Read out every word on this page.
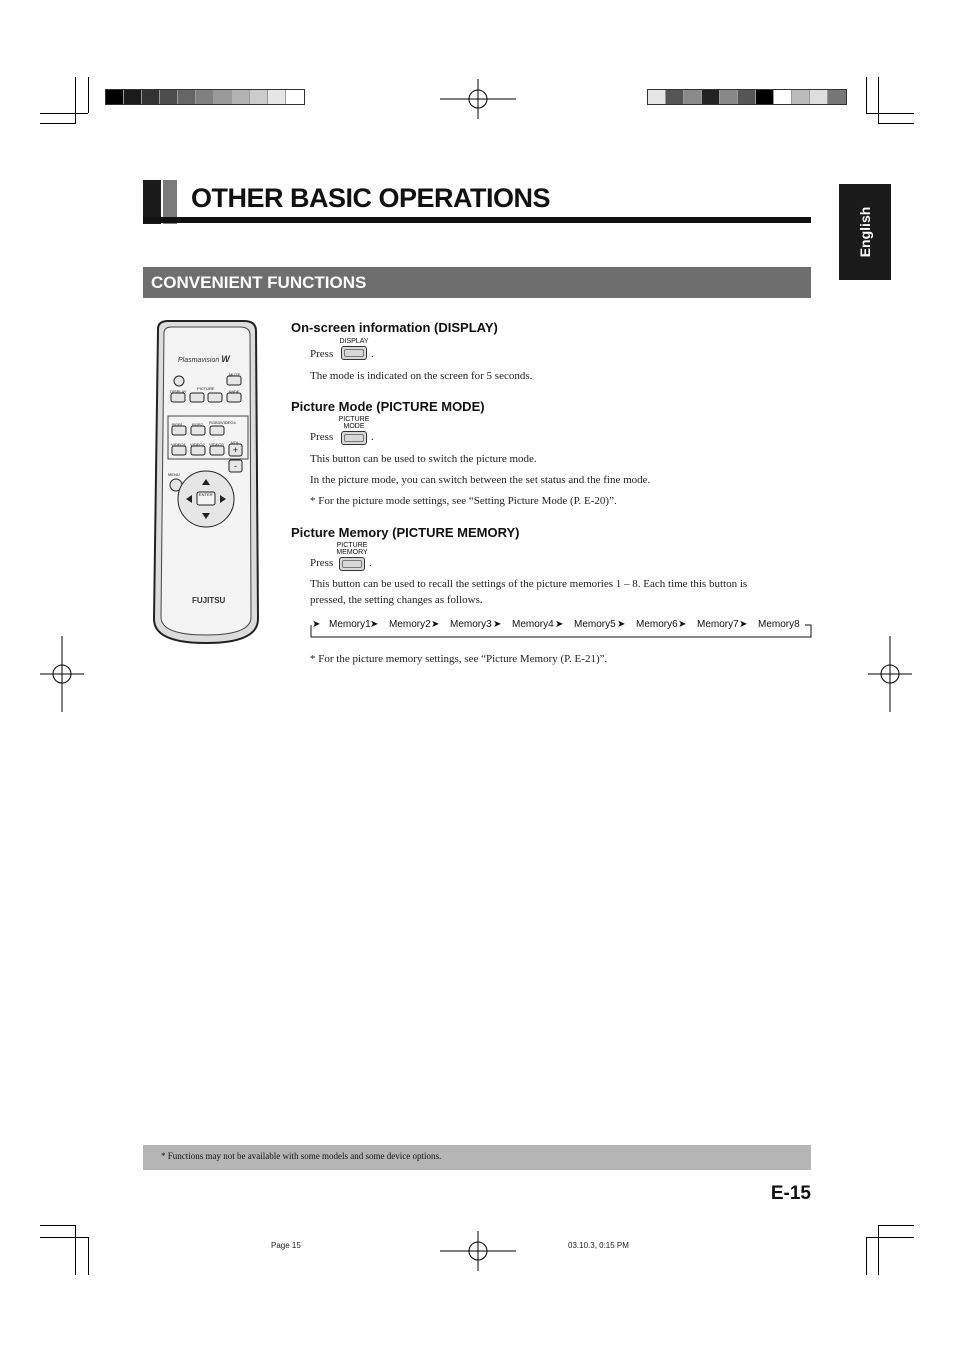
OTHER BASIC OPERATIONS
English
CONVENIENT FUNCTIONS
+
-
Plasmavision W
MUTE
DISPLAY
PICTURE
WIDE
RGB1 RGB2 RGB3/VIDEO4
VIDEO1 VIDEO2 VIDEO3 VOL
MENU
ENTER
FUJITSU
On-screen information (DISPLAY)
Press
DISPLAY
.
The mode is indicated on the screen for 5 seconds.
Picture Mode (PICTURE MODE)
PICTURE
MODE
Press	.
This button can be used to switch the picture mode.
In the picture mode, you can switch between the set status and the fine mode.
* For the picture mode settings, see “Setting Picture Mode (P. E-20)”.
Picture Memory (PICTURE MEMORY)
PICTURE
MEMORY
Press	.
This button can be used to recall the settings of the picture memories 1 – 8. Each time this button is
pressed, the setting changes as follows.
➤ Memory1 ➤ Memory2 ➤ Memory3 ➤ Memory4 ➤ Memory5 ➤ Memory6 ➤ Memory7 ➤ Memory8
* For the picture memory settings, see “Picture Memory (P. E-21)”.
* Functions may not be available with some models and some device options.
E-15
Page 15	03.10.3, 0:15 PM
